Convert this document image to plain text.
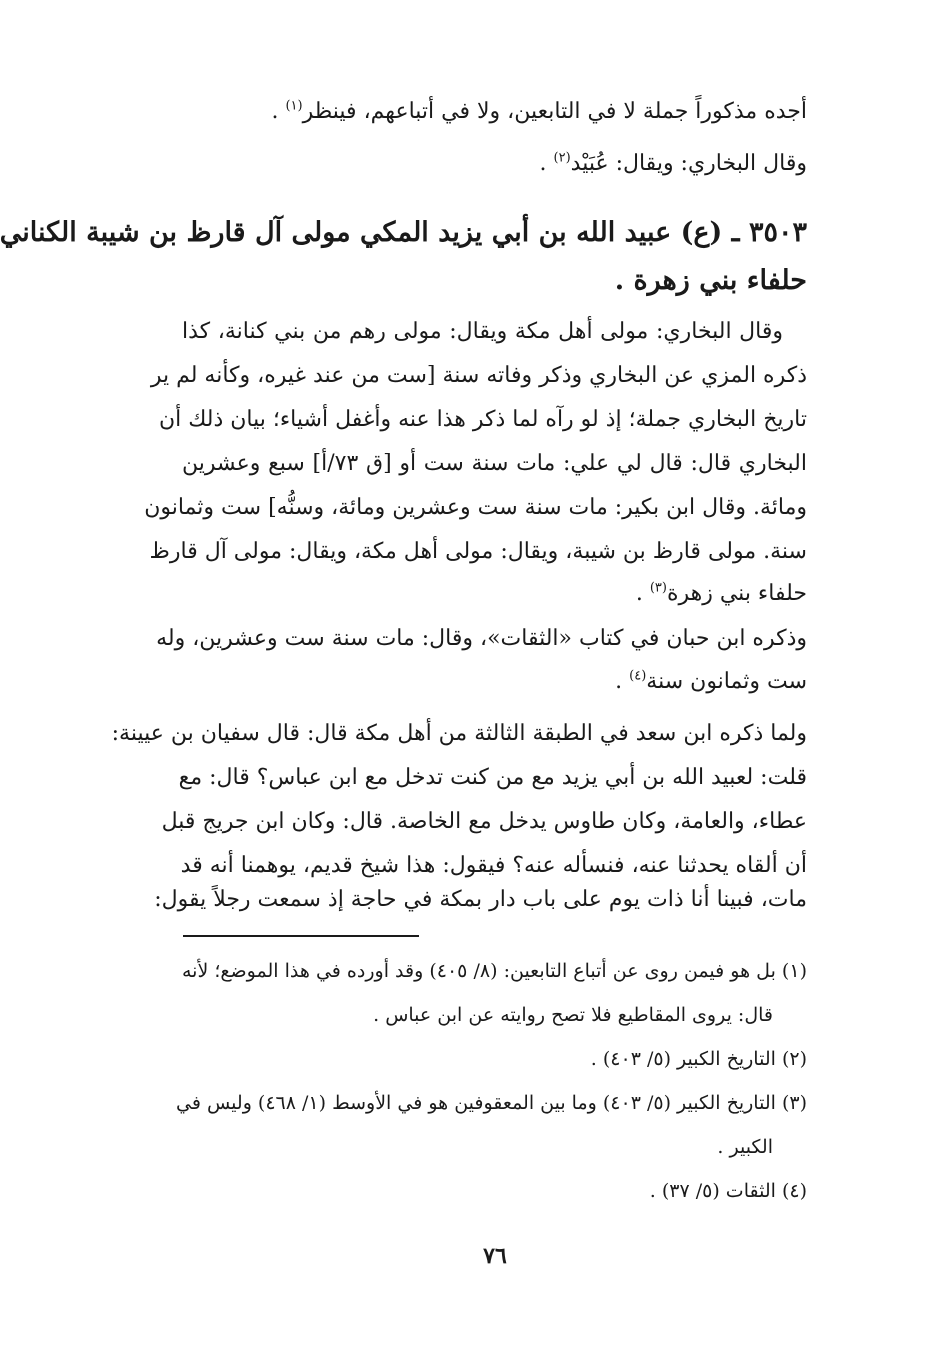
أجده مذكوراً جملة لا في التابعين، ولا في أتباعهم، فينظر$^{(١)}$ .
وقال البخاري: ويقال: عُبَيْد$^{(٢)}$ .
٣٥٠٣ ـ (ع) عبيد الله بن أبي يزيد المكي مولى آل قارظ بن شيبة الكناني
حلفاء بني زهرة .
وقال البخاري: مولى أهل مكة ويقال: مولى رهم من بني كنانة، كذا
ذكره المزي عن البخاري وذكر وفاته سنة [ست من عند غيره، وكأنه لم ير
تاريخ البخاري جملة؛ إذ لو رآه لما ذكر هذا عنه وأغفل أشياء؛ بيان ذلك أن
البخاري قال: قال لي علي: مات سنة ست أو [ق ٧٣/أ] سبع وعشرين
ومائة. وقال ابن بكير: مات سنة ست وعشرين ومائة، وسنُّه] ست وثمانون
سنة. مولى قارظ بن شيبة، ويقال: مولى أهل مكة، ويقال: مولى آل قارظ
حلفاء بني زهرة$^{(٣)}$ .
وذكره ابن حبان في كتاب «الثقات»، وقال: مات سنة ست وعشرين، وله
ست وثمانون سنة$^{(٤)}$ .
ولما ذكره ابن سعد في الطبقة الثالثة من أهل مكة قال: قال سفيان بن عيينة:
قلت: لعبيد الله بن أبي يزيد مع من كنت تدخل مع ابن عباس؟ قال: مع
عطاء، والعامة، وكان طاوس يدخل مع الخاصة. قال: وكان ابن جريج قبل
أن ألقاه يحدثنا عنه، فنسأله عنه؟ فيقول: هذا شيخ قديم، يوهمنا أنه قد
مات، فبينا أنا ذات يوم على باب دار بمكة في حاجة إذ سمعت رجلاً يقول:
(١) بل هو فيمن روى عن أتباع التابعين: (٨/ ٤٠٥) وقد أورده في هذا الموضع؛ لأنه
قال: يروى المقاطيع فلا تصح روايته عن ابن عباس .
(٢) التاريخ الكبير (٥/ ٤٠٣) .
(٣) التاريخ الكبير (٥/ ٤٠٣) وما بين المعقوفين هو في الأوسط (١/ ٤٦٨) وليس في
الكبير .
(٤) الثقات (٥/ ٣٧) .
٧٦
